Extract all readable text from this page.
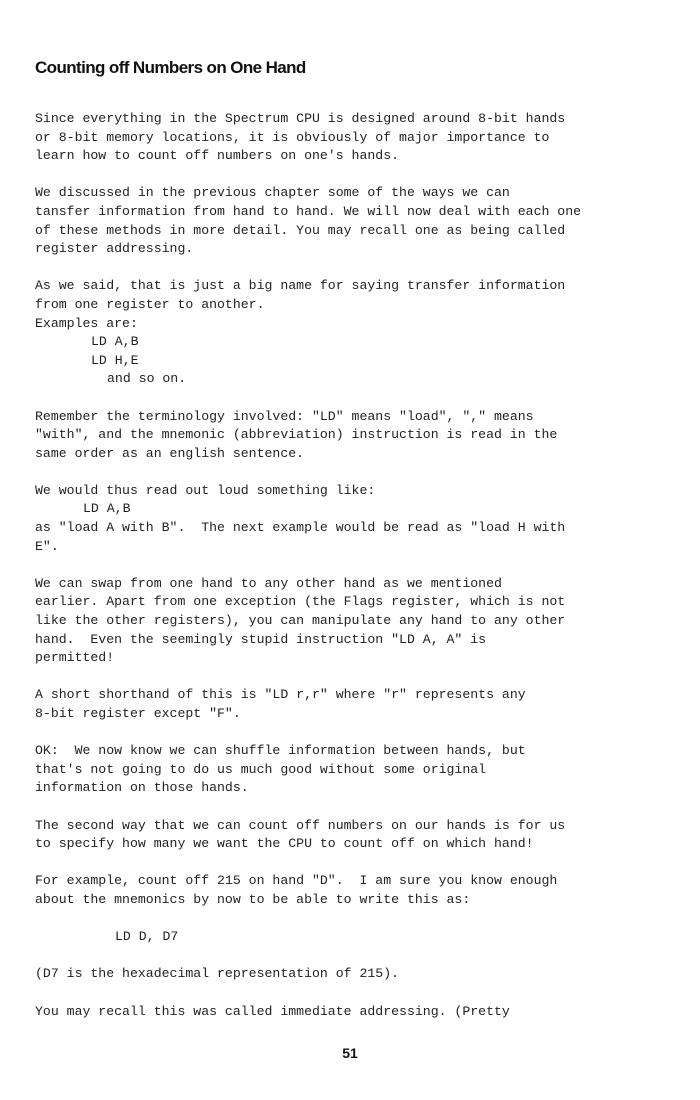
Counting off Numbers on One Hand
Since everything in the Spectrum CPU is designed around 8-bit hands
or 8-bit memory locations, it is obviously of major importance to
learn how to count off numbers on one's hands.
We discussed in the previous chapter some of the ways we can
tansfer information from hand to hand. We will now deal with each one
of these methods in more detail. You may recall one as being called
register addressing.
As we said, that is just a big name for saying transfer information
from one register to another.
Examples are:
LD A,B
LD H,E
and so on.
Remember the terminology involved: "LD" means "load", "," means
"with", and the mnemonic (abbreviation) instruction is read in the
same order as an english sentence.
We would thus read out loud something like:
LD A,B
as "load A with B".  The next example would be read as "load H with
E".
We can swap from one hand to any other hand as we mentioned
earlier. Apart from one exception (the Flags register, which is not
like the other registers), you can manipulate any hand to any other
hand.  Even the seemingly stupid instruction "LD A, A" is
permitted!
A short shorthand of this is "LD r,r" where "r" represents any
8-bit register except "F".
OK:  We now know we can shuffle information between hands, but
that's not going to do us much good without some original
information on those hands.
The second way that we can count off numbers on our hands is for us
to specify how many we want the CPU to count off on which hand!
For example, count off 215 on hand "D".  I am sure you know enough
about the mnemonics by now to be able to write this as:
LD D, D7
(D7 is the hexadecimal representation of 215).
You may recall this was called immediate addressing. (Pretty
51
